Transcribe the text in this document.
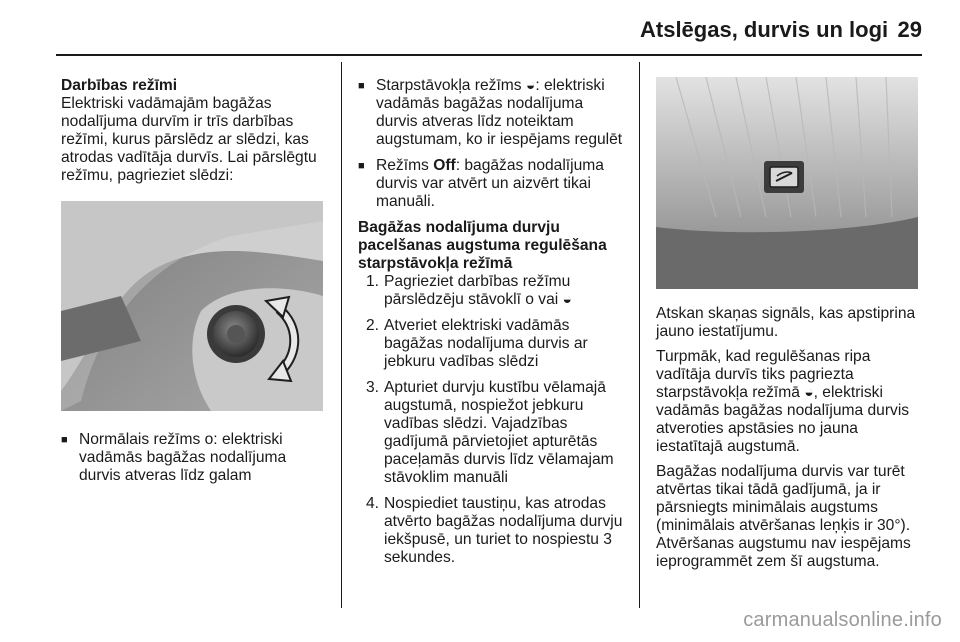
Atslēgas, durvis un logi 29

Darbības režīmi

Elektriski vadāmajām bagāžas nodalījuma durvīm ir trīs darbības režīmi, kurus pārslēdz ar slēdzi, kas atrodas vadītāja durvīs. Lai pārslēgtu režīmu, pagrieziet slēdzi:

■ Normālais režīms o: elektriski vadāmās bagāžas nodalījuma durvis atveras līdz galam

■ Starpstāvokļa režīms ◒: elektriski vadāmās bagāžas nodalījuma durvis atveras līdz noteiktam augstumam, ko ir iespējams regulēt

■ Režīms Off: bagāžas nodalījuma durvis var atvērt un aizvērt tikai manuāli.

Bagāžas nodalījuma durvju pacelšanas augstuma regulēšana starpstāvokļa režīmā

1. Pagrieziet darbības režīmu pārslēdzēju stāvoklī o vai ◒
2. Atveriet elektriski vadāmās bagāžas nodalījuma durvis ar jebkuru vadības slēdzi
3. Apturiet durvju kustību vēlamajā augstumā, nospiežot jebkuru vadības slēdzi. Vajadzības gadījumā pārvietojiet apturētās paceļamās durvis līdz vēlamajam stāvoklim manuāli
4. Nospiediet taustiņu, kas atrodas atvērto bagāžas nodalījuma durvju iekšpusē, un turiet to nospiestu 3 sekundes.

Atskan skaņas signāls, kas apstiprina jauno iestatījumu.

Turpmāk, kad regulēšanas ripa vadītāja durvīs tiks pagriezta starpstāvokļa režīmā ◒, elektriski vadāmās bagāžas nodalījuma durvis atveroties apstāsies no jauna iestatītajā augstumā.

Bagāžas nodalījuma durvis var turēt atvērtas tikai tādā gadījumā, ja ir pārsniegts minimālais augstums (minimālais atvēršanas leņķis ir 30°). Atvēršanas augstumu nav iespējams ieprogrammēt zem šī augstuma.

carmanualsonline.info
